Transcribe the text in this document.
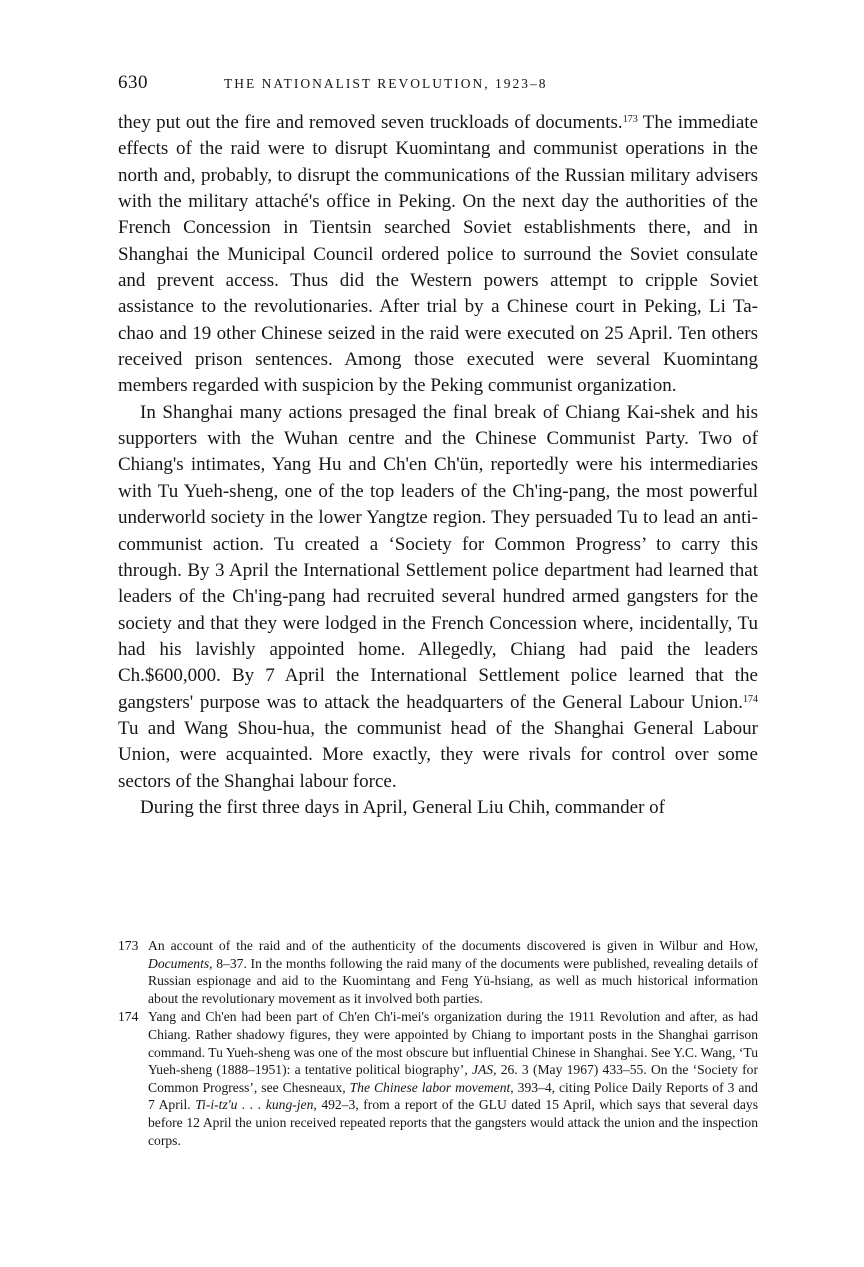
630	THE NATIONALIST REVOLUTION, 1923–8

they put out the fire and removed seven truckloads of documents.$^{173}$ The immediate effects of the raid were to disrupt Kuomintang and communist operations in the north and, probably, to disrupt the communications of the Russian military advisers with the military attaché's office in Peking. On the next day the authorities of the French Concession in Tientsin searched Soviet establishments there, and in Shanghai the Municipal Council ordered police to surround the Soviet consulate and prevent access. Thus did the Western powers attempt to cripple Soviet assistance to the revolutionaries. After trial by a Chinese court in Peking, Li Ta-chao and 19 other Chinese seized in the raid were executed on 25 April. Ten others received prison sentences. Among those executed were several Kuomintang members regarded with suspicion by the Peking communist organization.

In Shanghai many actions presaged the final break of Chiang Kai-shek and his supporters with the Wuhan centre and the Chinese Communist Party. Two of Chiang's intimates, Yang Hu and Ch'en Ch'ün, reportedly were his intermediaries with Tu Yueh-sheng, one of the top leaders of the Ch'ing-pang, the most powerful underworld society in the lower Yangtze region. They persuaded Tu to lead an anti-communist action. Tu created a ‘Society for Common Progress’ to carry this through. By 3 April the International Settlement police department had learned that leaders of the Ch'ing-pang had recruited several hundred armed gangsters for the society and that they were lodged in the French Concession where, incidentally, Tu had his lavishly appointed home. Allegedly, Chiang had paid the leaders Ch.$600,000. By 7 April the International Settlement police learned that the gangsters' purpose was to attack the headquarters of the General Labour Union.$^{174}$ Tu and Wang Shou-hua, the communist head of the Shanghai General Labour Union, were acquainted. More exactly, they were rivals for control over some sectors of the Shanghai labour force.

During the first three days in April, General Liu Chih, commander of

173 An account of the raid and of the authenticity of the documents discovered is given in Wilbur and How, Documents, 8–37. In the months following the raid many of the documents were published, revealing details of Russian espionage and aid to the Kuomintang and Feng Yü-hsiang, as well as much historical information about the revolutionary movement as it involved both parties.
174 Yang and Ch'en had been part of Ch'en Ch'i-mei's organization during the 1911 Revolution and after, as had Chiang. Rather shadowy figures, they were appointed by Chiang to important posts in the Shanghai garrison command. Tu Yueh-sheng was one of the most obscure but influential Chinese in Shanghai. See Y.C. Wang, ‘Tu Yueh-sheng (1888–1951): a tentative political biography’, JAS, 26. 3 (May 1967) 433–55. On the ‘Society for Common Progress’, see Chesneaux, The Chinese labor movement, 393–4, citing Police Daily Reports of 3 and 7 April. Ti-i-tz'u . . . kung-jen, 492–3, from a report of the GLU dated 15 April, which says that several days before 12 April the union received repeated reports that the gangsters would attack the union and the inspection corps.
